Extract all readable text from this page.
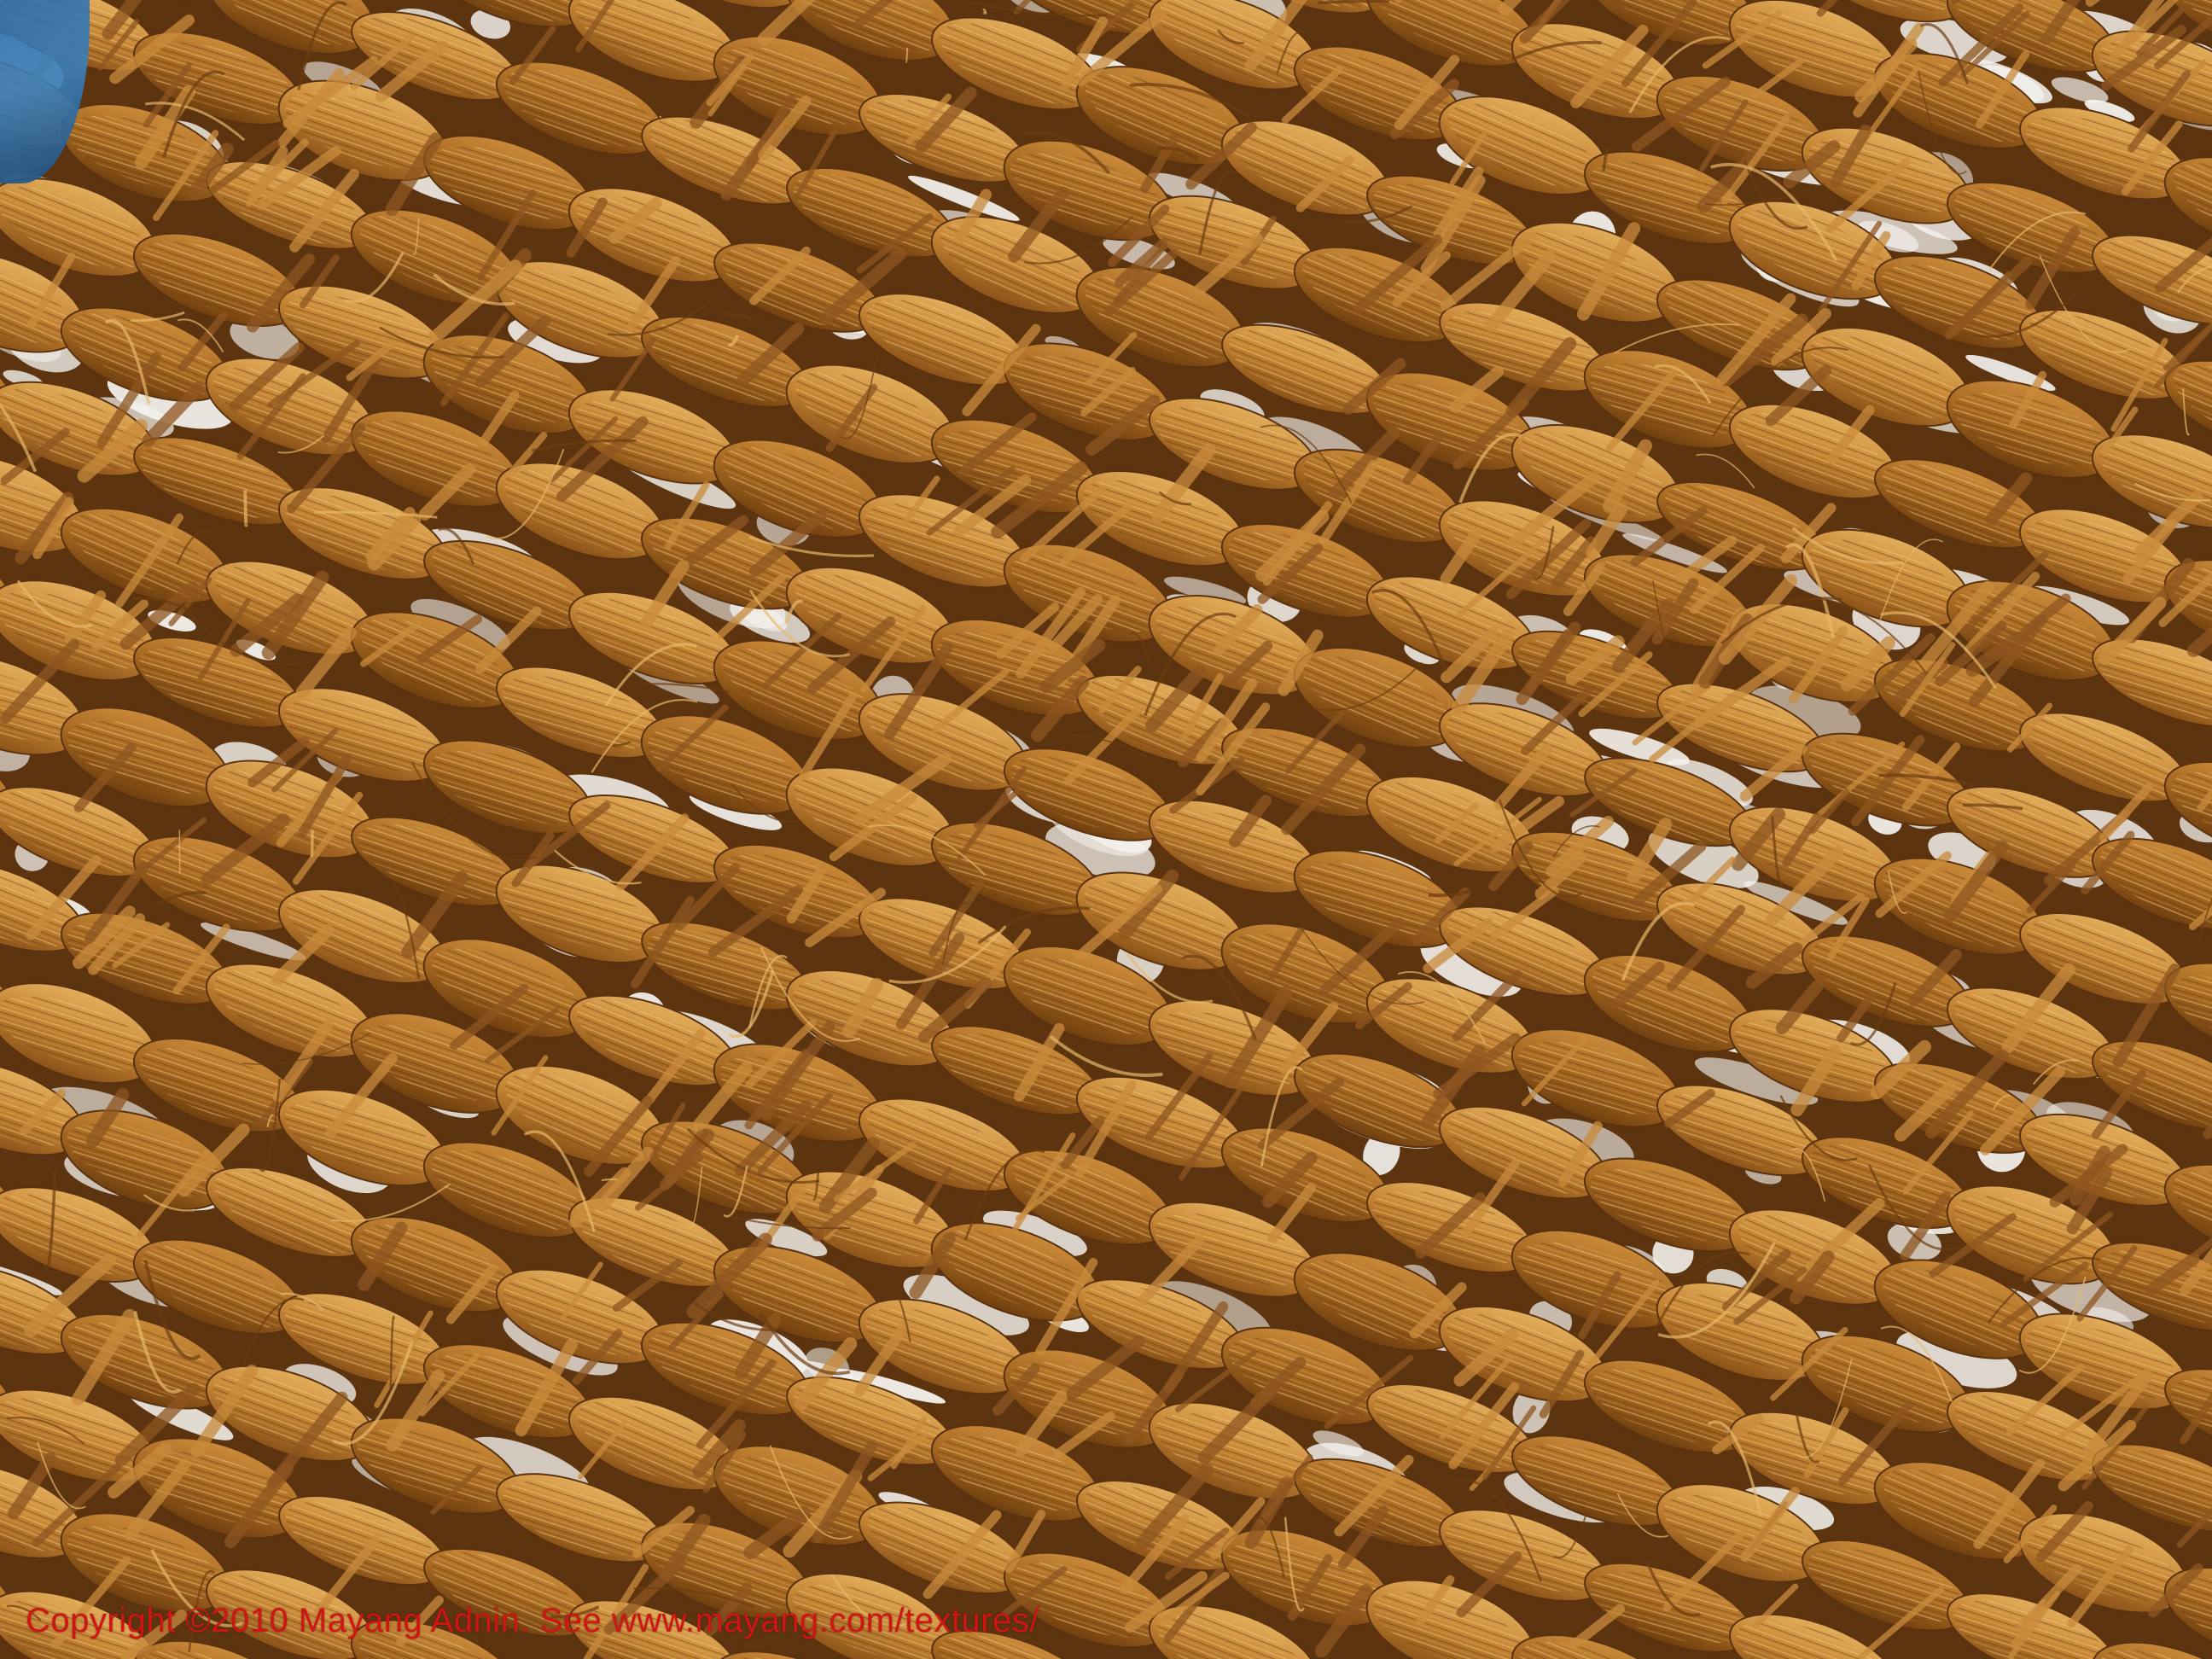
Copyright ©2010 Mayang Adnin. See www.mayang.com/textures/
